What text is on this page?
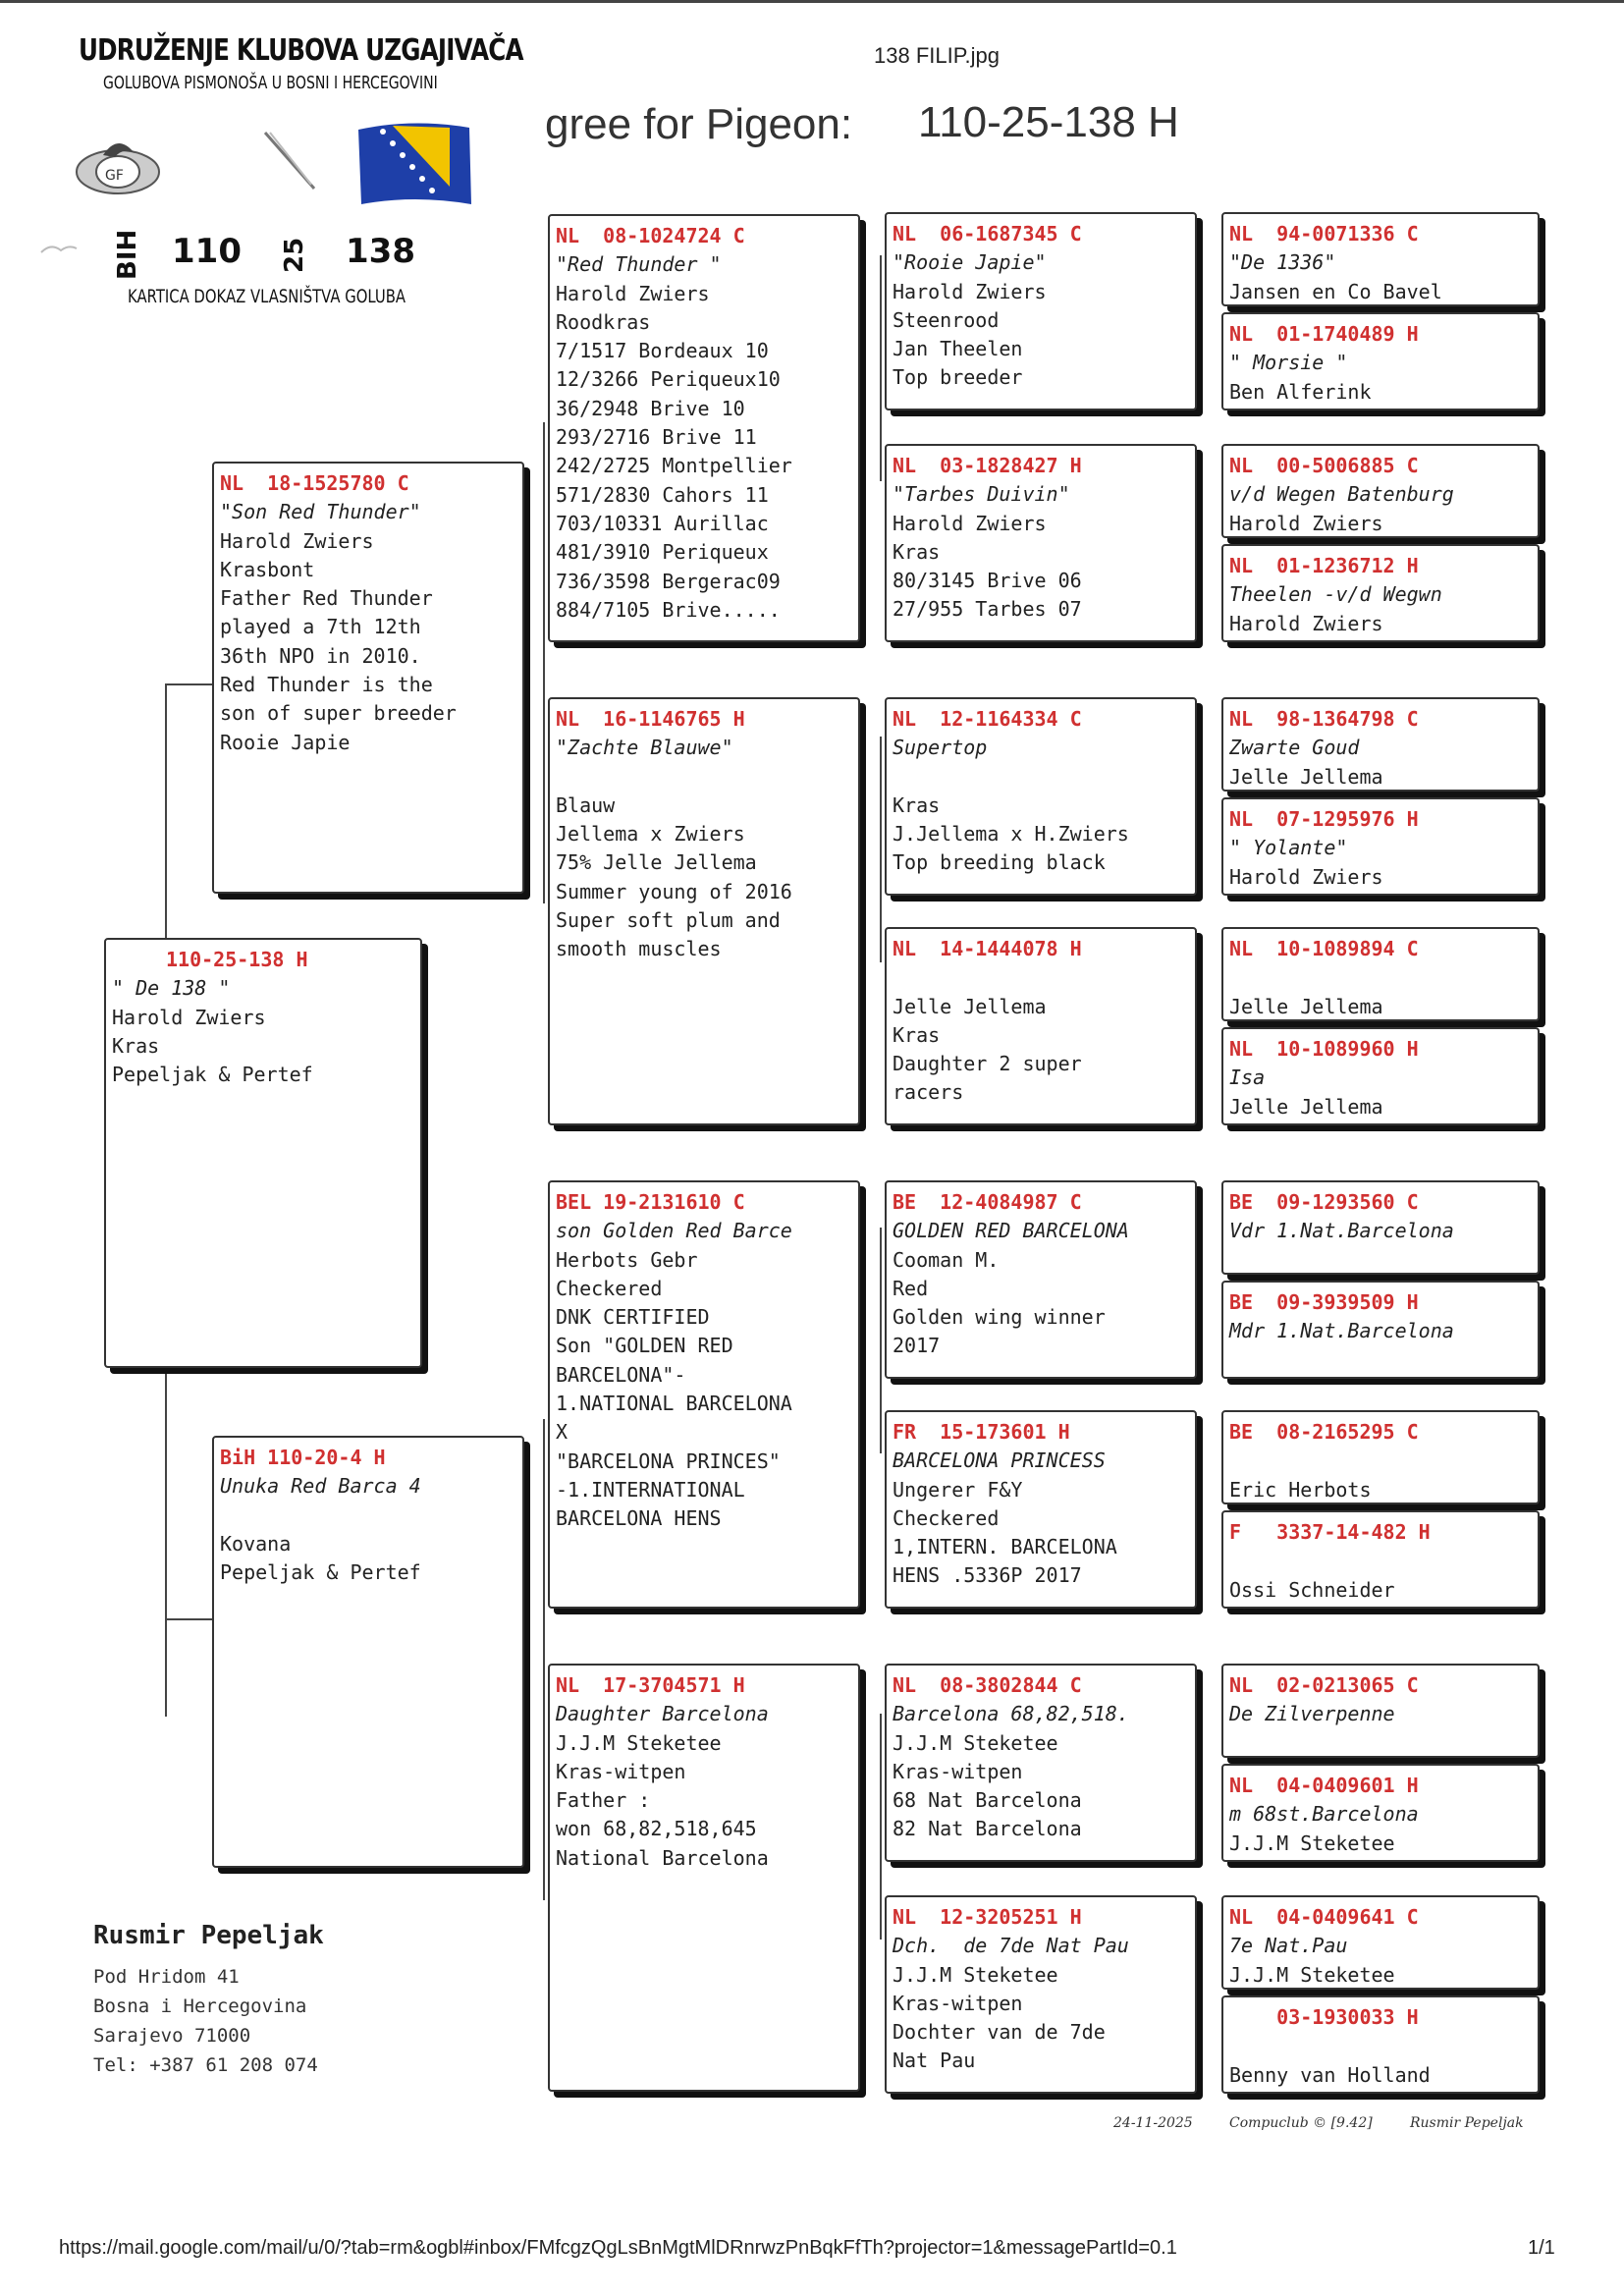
UDRUŽENJE KLUBOVA UZGAJIVAČA
GOLUBOVA PISMONOŠA U BOSNI I HERCEGOVINI
138 FILIP.jpg
gree for Pigeon: 110-25-138 H
GF
BIH 110 25 138
KARTICA DOKAZ VLASNIŠTVA GOLUBA
110-25-138 H
" De 138 "
Harold Zwiers
Kras
Pepeljak & Pertef
NL  18-1525780 C
"Son Red Thunder"
Harold Zwiers
Krasbont
Father Red Thunder
played a 7th 12th
36th NPO in 2010.
Red Thunder is the
son of super breeder
Rooie Japie
BiH 110-20-4 H
Unuka Red Barca 4
Kovana
Pepeljak & Pertef
NL  08-1024724 C
"Red Thunder "
Harold Zwiers
Roodkras
7/1517 Bordeaux 10
12/3266 Periqueux10
36/2948 Brive 10
293/2716 Brive 11
242/2725 Montpellier
571/2830 Cahors 11
703/10331 Aurillac
481/3910 Periqueux
736/3598 Bergerac09
884/7105 Brive.....
NL  16-1146765 H
"Zachte Blauwe"
Blauw
Jellema x Zwiers
75% Jelle Jellema
Summer young of 2016
Super soft plum and
smooth muscles
BEL 19-2131610 C
son Golden Red Barce
Herbots Gebr
Checkered
DNK CERTIFIED
Son "GOLDEN RED
BARCELONA"-
1.NATIONAL BARCELONA
X
"BARCELONA PRINCES"
-1.INTERNATIONAL
BARCELONA HENS
NL  17-3704571 H
Daughter Barcelona
J.J.M Steketee
Kras-witpen
Father :
won 68,82,518,645
National Barcelona
NL  06-1687345 C
"Rooie Japie"
Harold Zwiers
Steenrood
Jan Theelen
Top breeder
NL  03-1828427 H
"Tarbes Duivin"
Harold Zwiers
Kras
80/3145 Brive 06
27/955 Tarbes 07
NL  12-1164334 C
Supertop
Kras
J.Jellema x H.Zwiers
Top breeding black
NL  14-1444078 H
Jelle Jellema
Kras
Daughter 2 super
racers
BE  12-4084987 C
GOLDEN RED BARCELONA
Cooman M.
Red
Golden wing winner
2017
FR  15-173601 H
BARCELONA PRINCESS
Ungerer F&Y
Checkered
1,INTERN. BARCELONA
HENS .5336P 2017
NL  08-3802844 C
Barcelona 68,82,518.
J.J.M Steketee
Kras-witpen
68 Nat Barcelona
82 Nat Barcelona
NL  12-3205251 H
Dch.  de 7de Nat Pau
J.J.M Steketee
Kras-witpen
Dochter van de 7de
Nat Pau
NL  94-0071336 C
"De 1336"
Jansen en Co Bavel
NL  01-1740489 H
" Morsie "
Ben Alferink
NL  00-5006885 C
v/d Wegen Batenburg
Harold Zwiers
NL  01-1236712 H
Theelen -v/d Wegwn
Harold Zwiers
NL  98-1364798 C
Zwarte Goud
Jelle Jellema
NL  07-1295976 H
" Yolante"
Harold Zwiers
NL  10-1089894 C
Jelle Jellema
NL  10-1089960 H
Isa
Jelle Jellema
BE  09-1293560 C
Vdr 1.Nat.Barcelona
BE  09-3939509 H
Mdr 1.Nat.Barcelona
BE  08-2165295 C
Eric Herbots
F   3337-14-482 H
Ossi Schneider
NL  02-0213065 C
De Zilverpenne
NL  04-0409601 H
m 68st.Barcelona
J.J.M Steketee
NL  04-0409641 C
7e Nat.Pau
J.J.M Steketee
03-1930033 H
Benny van Holland
Rusmir Pepeljak
Pod Hridom 41
Bosna i Hercegovina
Sarajevo 71000
Tel: +387 61 208 074
24-11-2025	Compuclub © [9.42]	Rusmir Pepeljak
https://mail.google.com/mail/u/0/?tab=rm&ogbl#inbox/FMfcgzQgLsBnMgtMlDRnrwzPnBqkFfTh?projector=1&messagePartId=0.1	1/1
